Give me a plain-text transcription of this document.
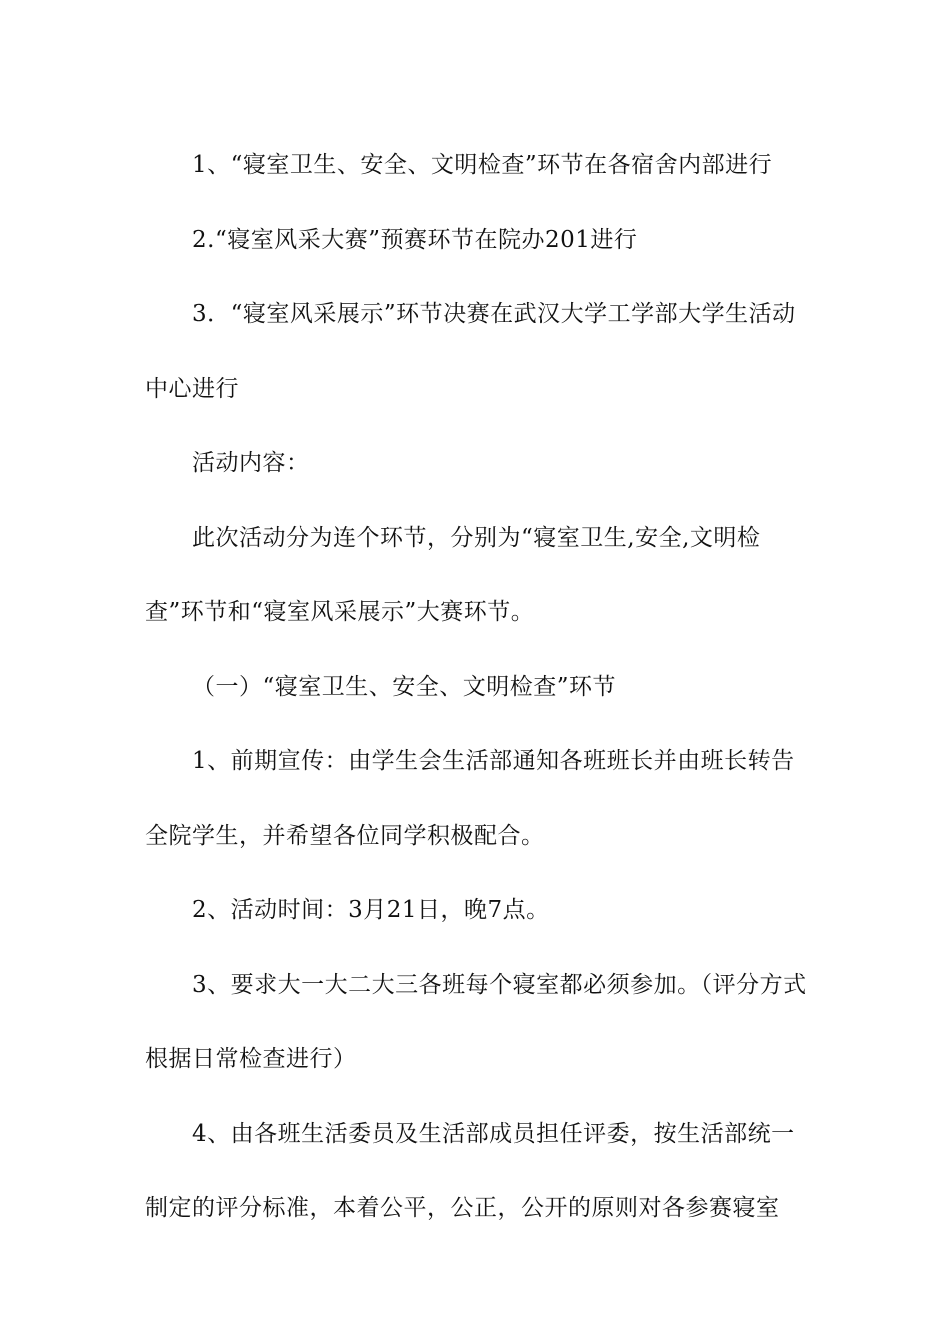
1、“寝室卫生、安全、文明检查”环节在各宿舍内部进行

2.“寝室风采大赛”预赛环节在院办201进行

3．“寝室风采展示”环节决赛在武汉大学工学部大学生活动中心进行

活动内容：

此次活动分为连个环节，分别为“寝室卫生,安全,文明检查”环节和“寝室风采展示”大赛环节。

（一）“寝室卫生、安全、文明检查”环节

1、前期宣传：由学生会生活部通知各班班长并由班长转告全院学生，并希望各位同学积极配合。

2、活动时间：3月21日，晚7点。

3、要求大一大二大三各班每个寝室都必须参加。（评分方式根据日常检查进行）

4、由各班生活委员及生活部成员担任评委，按生活部统一制定的评分标准，本着公平，公正，公开的原则对各参赛寝室
